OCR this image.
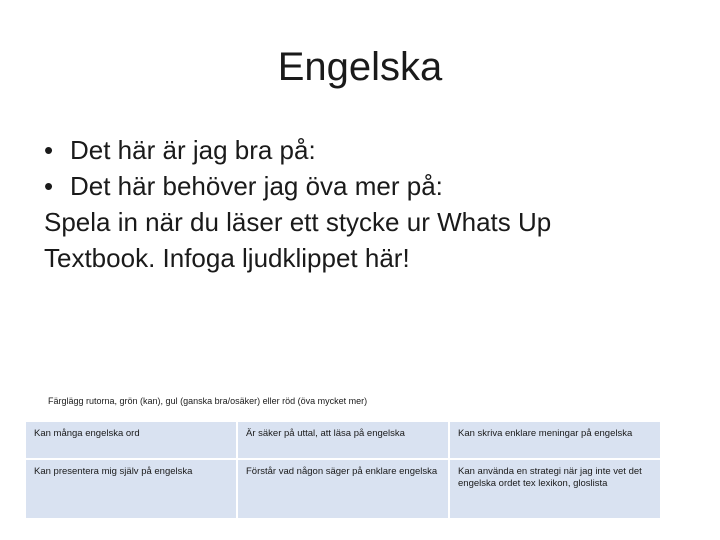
Engelska
• Det här är jag bra på:
• Det här behöver jag öva mer på:
Spela in när du läser ett stycke ur Whats Up
Textbook. Infoga ljudklippet här!
Färglägg rutorna, grön (kan), gul (ganska bra/osäker) eller röd (öva mycket mer)
Kan många engelska ord	Är säker på uttal, att läsa på engelska	Kan skriva enklare meningar på engelska
Kan presentera mig själv på engelska	Förstår vad någon säger på enklare engelska	Kan använda en strategi när jag inte vet det engelska ordet tex lexikon, gloslista
